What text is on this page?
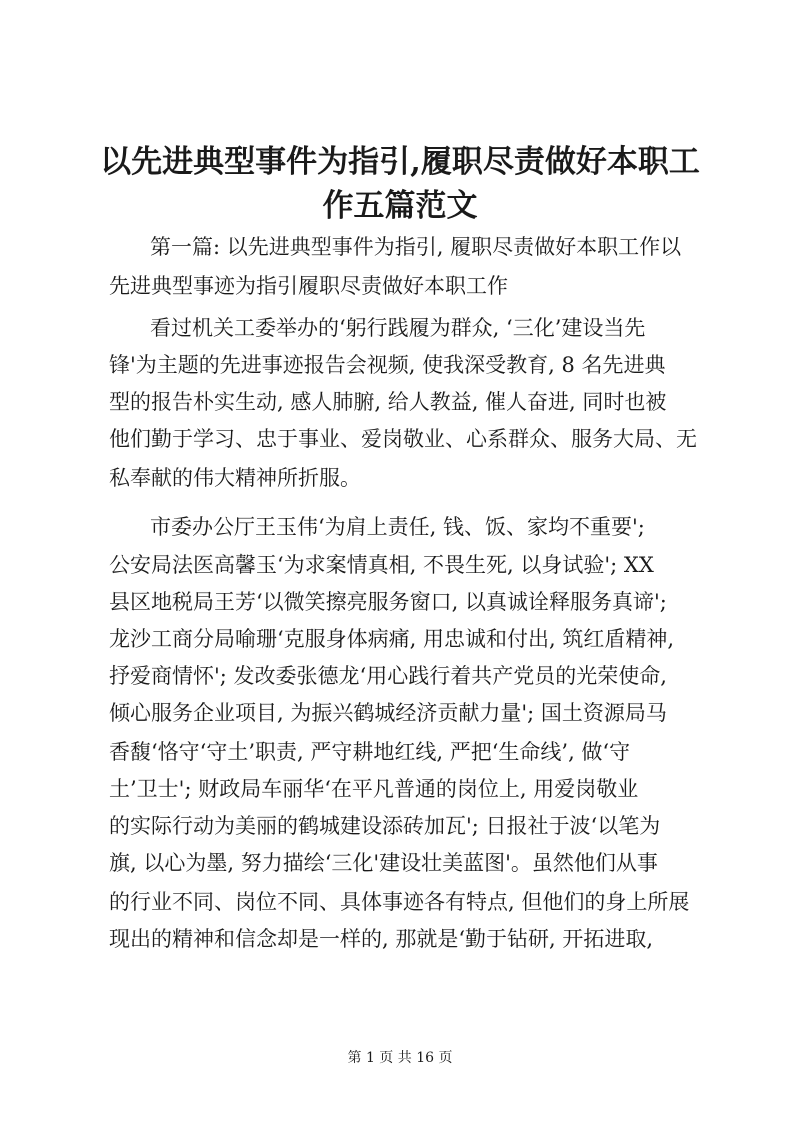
以先进典型事件为指引,履职尽责做好本职工
作五篇范文
第一篇: 以先进典型事件为指引, 履职尽责做好本职工作以
先进典型事迹为指引履职尽责做好本职工作
看过机关工委举办的‘躬行践履为群众, ‘三化’建设当先
锋'为主题的先进事迹报告会视频, 使我深受教育, 8 名先进典
型的报告朴实生动, 感人肺腑, 给人教益, 催人奋进, 同时也被
他们勤于学习、忠于事业、爱岗敬业、心系群众、服务大局、无
私奉献的伟大精神所折服。
市委办公厅王玉伟‘为肩上责任, 钱、饭、家均不重要';
公安局法医高馨玉‘为求案情真相, 不畏生死, 以身试验'; XX
县区地税局王芳‘以微笑擦亮服务窗口, 以真诚诠释服务真谛';
龙沙工商分局喻珊‘克服身体病痛, 用忠诚和付出, 筑红盾精神,
抒爱商情怀'; 发改委张德龙‘用心践行着共产党员的光荣使命,
倾心服务企业项目, 为振兴鹤城经济贡献力量'; 国土资源局马
香馥‘恪守‘守土’职责, 严守耕地红线, 严把‘生命线’, 做‘守
土’卫士'; 财政局车丽华‘在平凡普通的岗位上, 用爱岗敬业
的实际行动为美丽的鹤城建设添砖加瓦'; 日报社于波‘以笔为
旗, 以心为墨, 努力描绘‘三化'建设壮美蓝图'。虽然他们从事
的行业不同、岗位不同、具体事迹各有特点, 但他们的身上所展
现出的精神和信念却是一样的, 那就是‘勤于钻研, 开拓进取,
第 1 页 共 16 页
